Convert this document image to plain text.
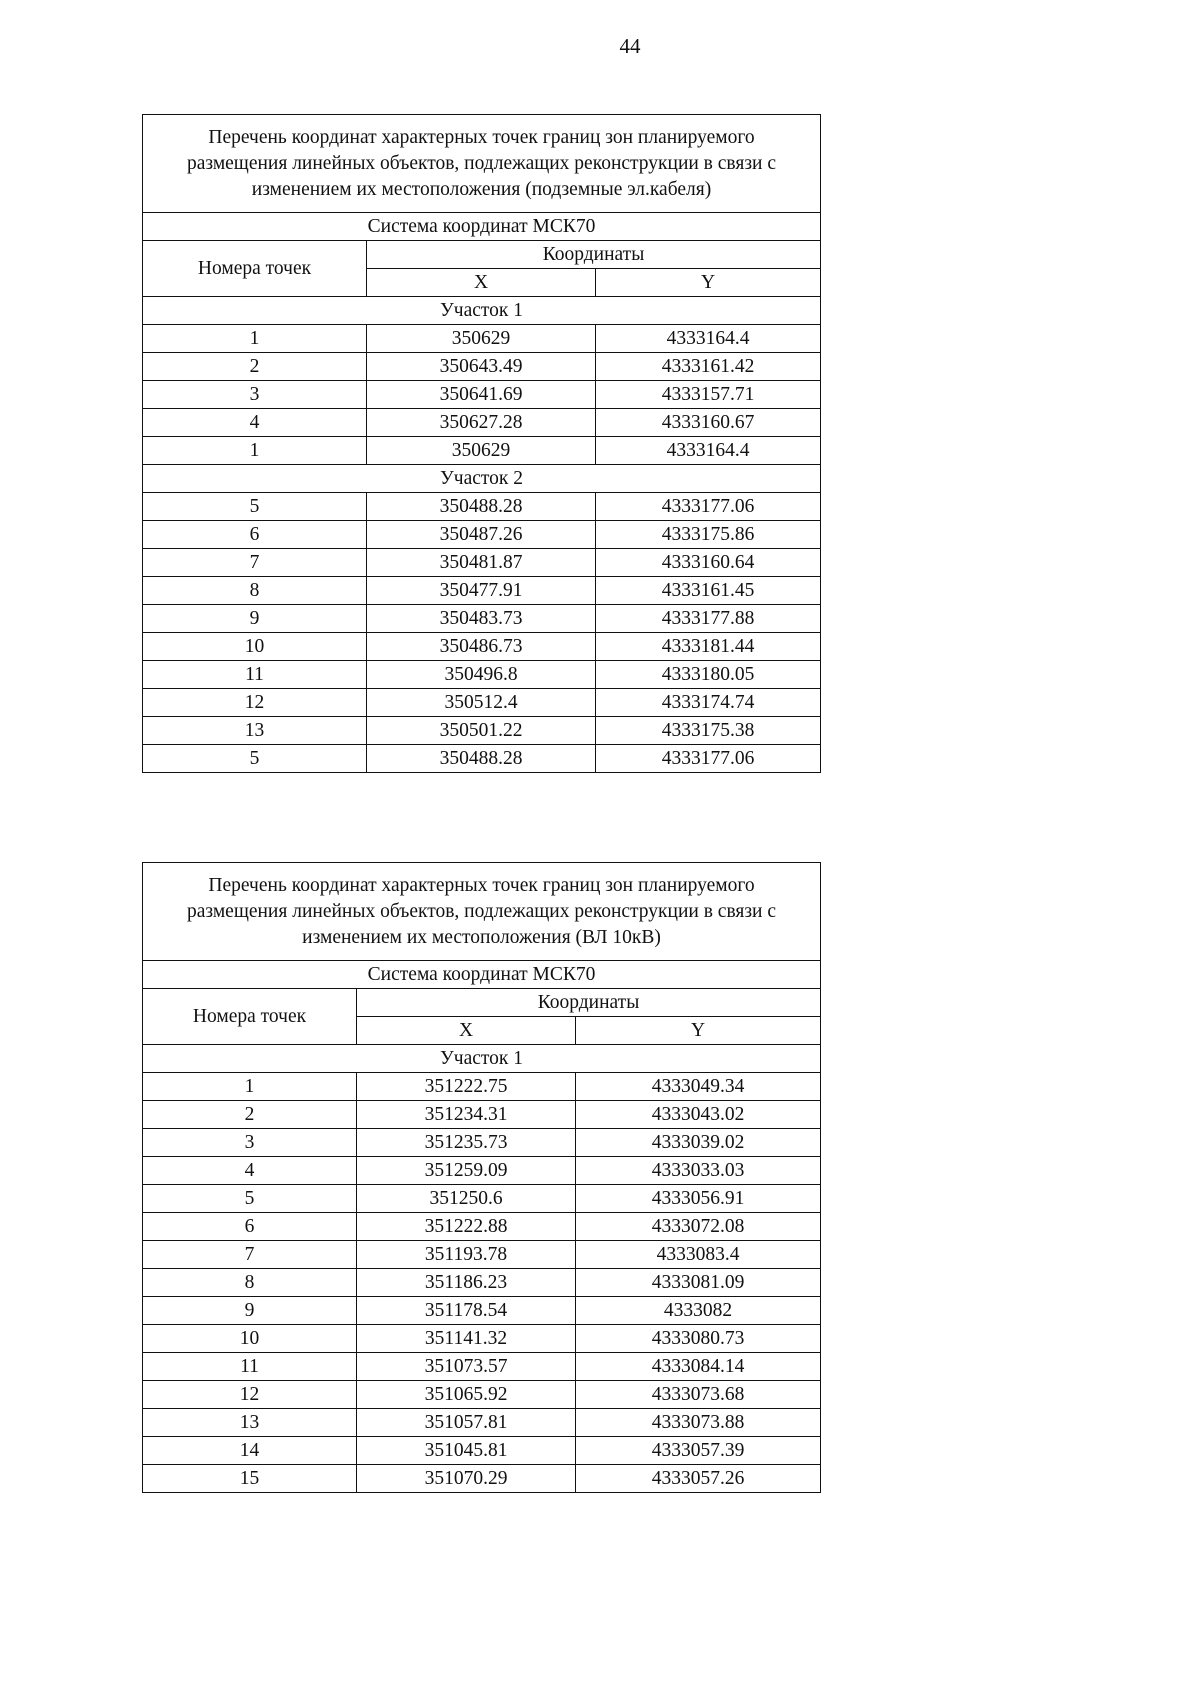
44
Перечень координат характерных точек границ зон планируемого размещения линейных объектов, подлежащих реконструкции в связи с изменением их местоположения (подземные эл.кабеля)		
Система координат МСК70		
Номера точек	Координаты	
	X	Y
Участок 1		
1	350629	4333164.4
2	350643.49	4333161.42
3	350641.69	4333157.71
4	350627.28	4333160.67
1	350629	4333164.4
Участок 2		
5	350488.28	4333177.06
6	350487.26	4333175.86
7	350481.87	4333160.64
8	350477.91	4333161.45
9	350483.73	4333177.88
10	350486.73	4333181.44
11	350496.8	4333180.05
12	350512.4	4333174.74
13	350501.22	4333175.38
5	350488.28	4333177.06
Перечень координат характерных точек границ зон планируемого размещения линейных объектов, подлежащих реконструкции в связи с изменением их местоположения (ВЛ 10кВ)		
Система координат МСК70		
Номера точек	Координаты	
	X	Y
Участок 1		
1	351222.75	4333049.34
2	351234.31	4333043.02
3	351235.73	4333039.02
4	351259.09	4333033.03
5	351250.6	4333056.91
6	351222.88	4333072.08
7	351193.78	4333083.4
8	351186.23	4333081.09
9	351178.54	4333082
10	351141.32	4333080.73
11	351073.57	4333084.14
12	351065.92	4333073.68
13	351057.81	4333073.88
14	351045.81	4333057.39
15	351070.29	4333057.26
